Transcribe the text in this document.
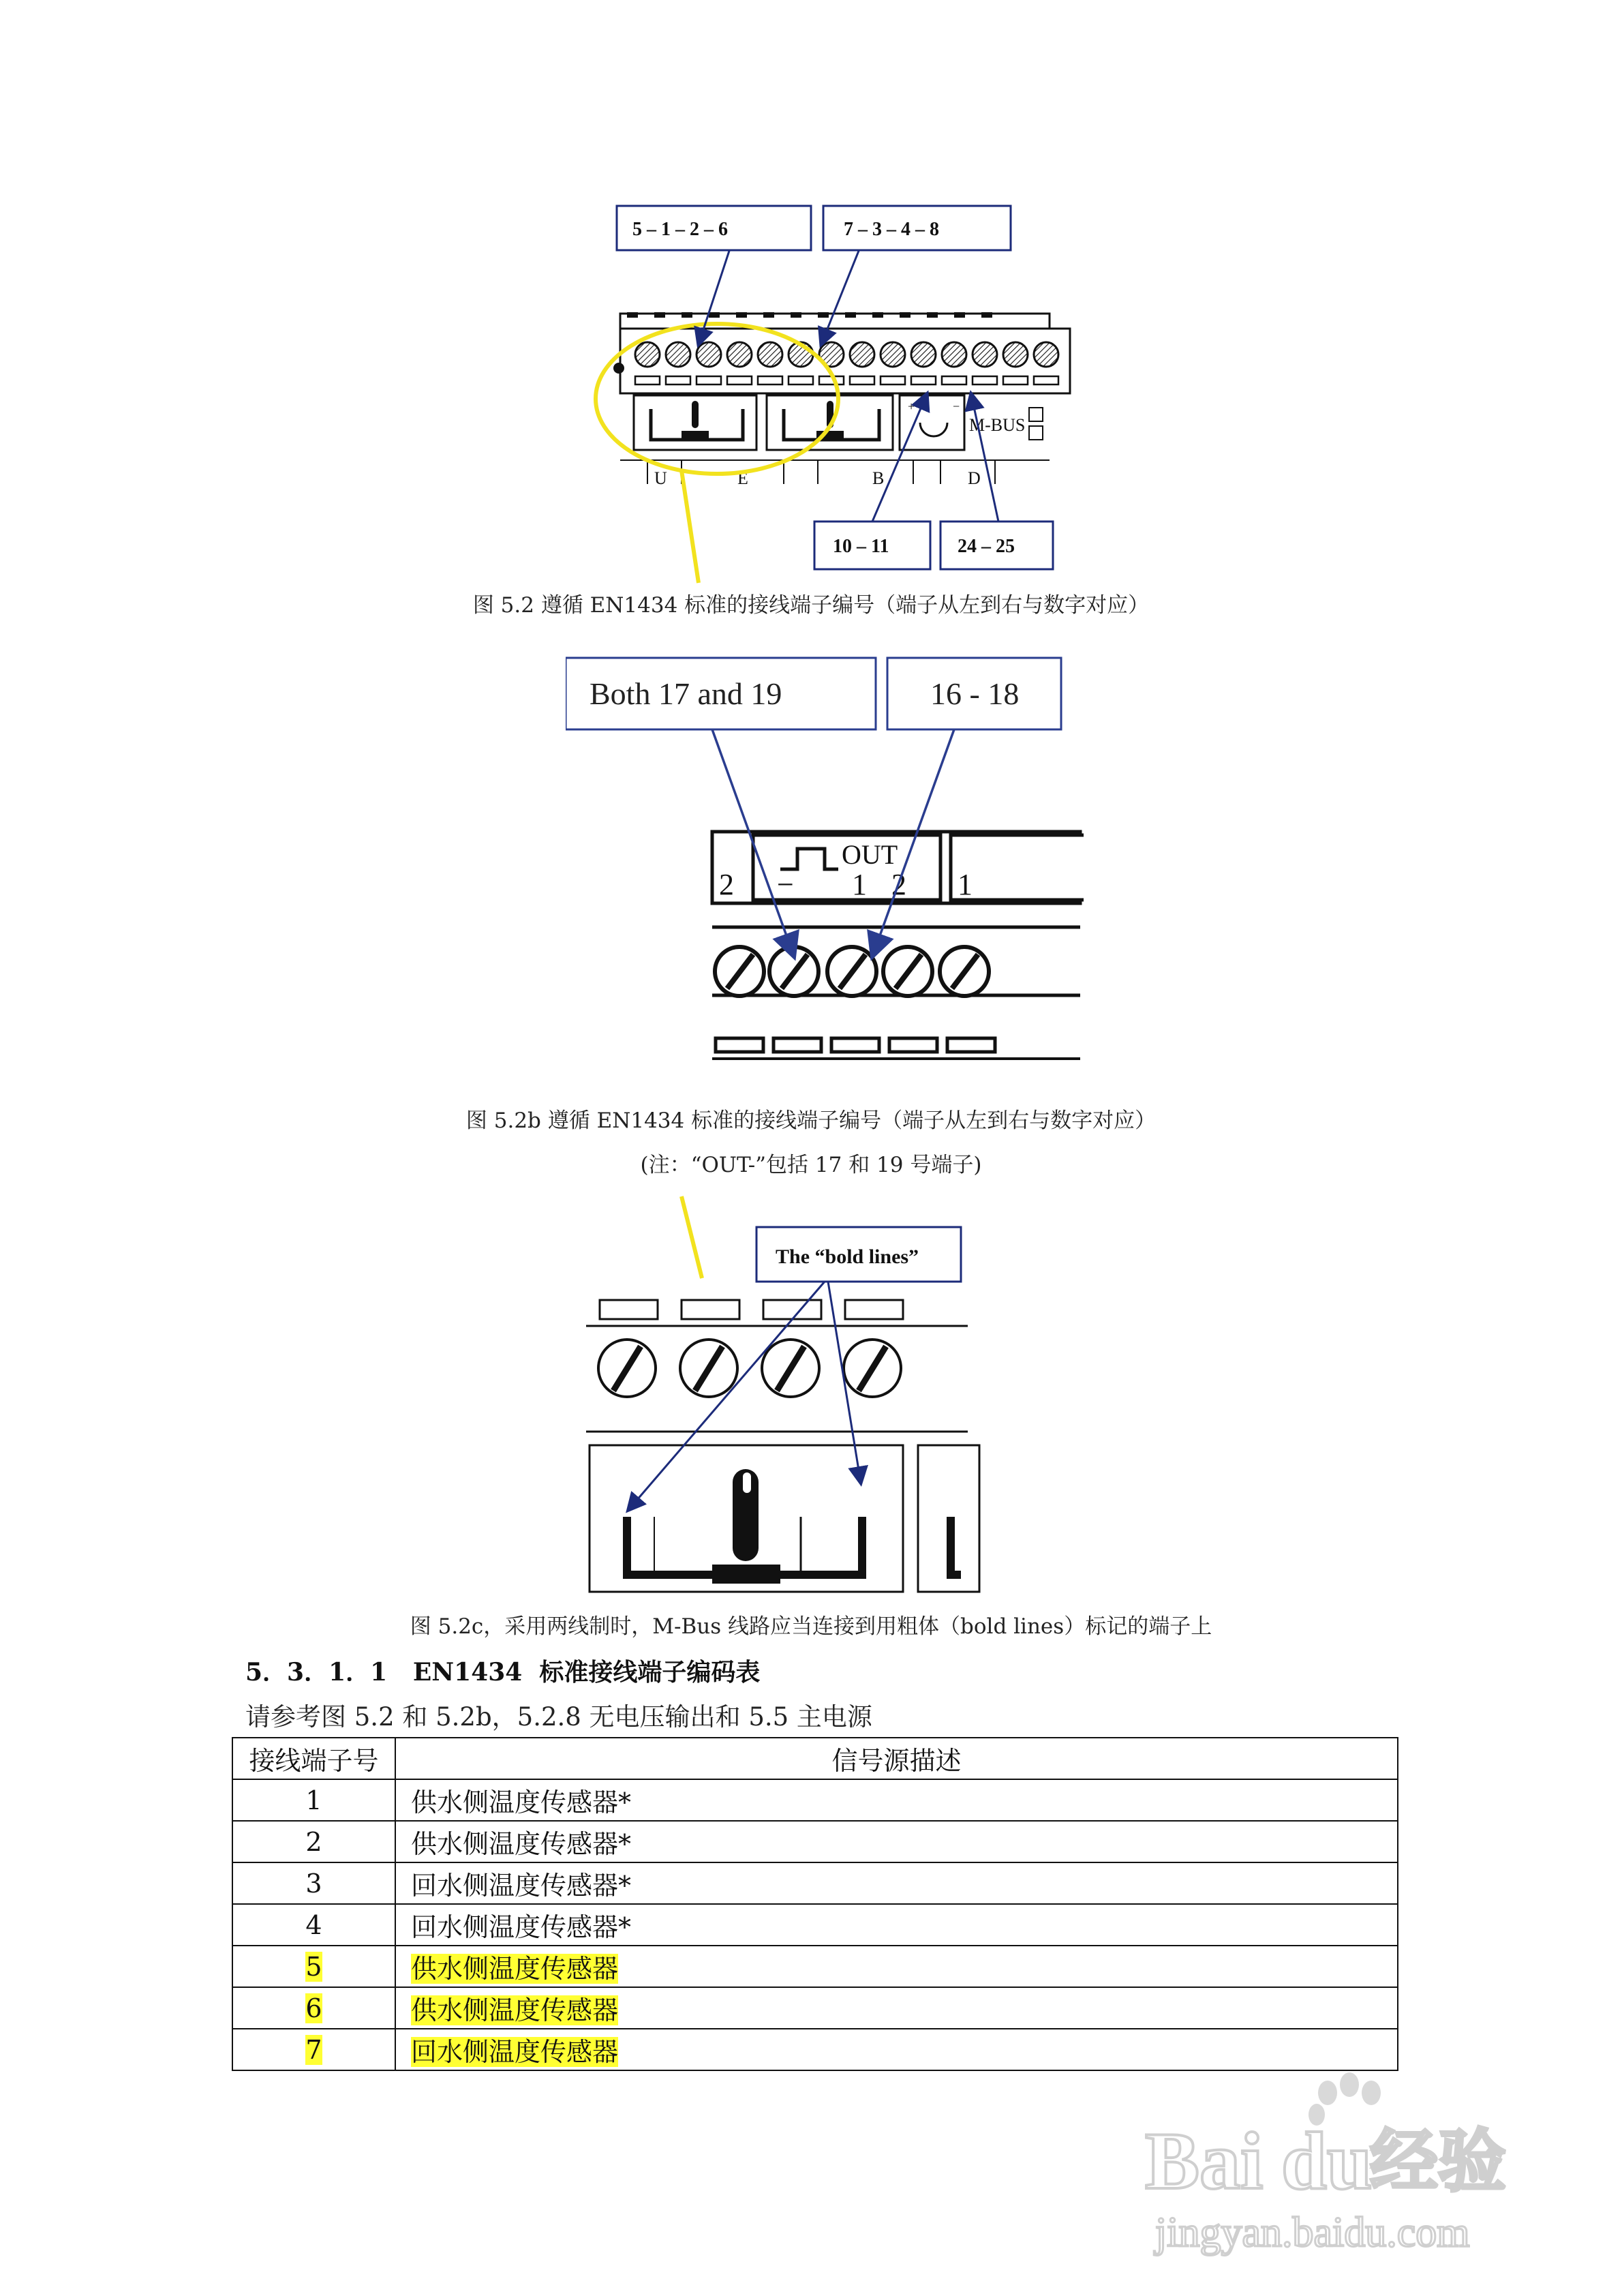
+	−
M-BUS
U	E	B	D
5 – 1 – 2 – 6	7 – 3 – 4 – 8
10 – 11	24 – 25
图 5.2 遵循 EN1434 标准的接线端子编号（端子从左到右与数字对应）
Both 17 and 19	16 - 18
OUT
− 1 2
2	1
图 5.2b 遵循 EN1434 标准的接线端子编号（端子从左到右与数字对应）
(注：“OUT-”包括 17 和 19 号端子)
The “bold lines”
图 5.2c，采用两线制时，M-Bus 线路应当连接到用粗体（bold lines）标记的端子上
5．3．1．1 EN1434  标准接线端子编码表
请参考图 5.2 和 5.2b，5.2.8 无电压输出和 5.5 主电源
接线端子号	信号源描述
1	供水侧温度传感器*
2	供水侧温度传感器*
3	回水侧温度传感器*
4	回水侧温度传感器*
5	供水侧温度传感器
6	供水侧温度传感器
7	回水侧温度传感器
Bai du
经验
jingyan.baidu.com
